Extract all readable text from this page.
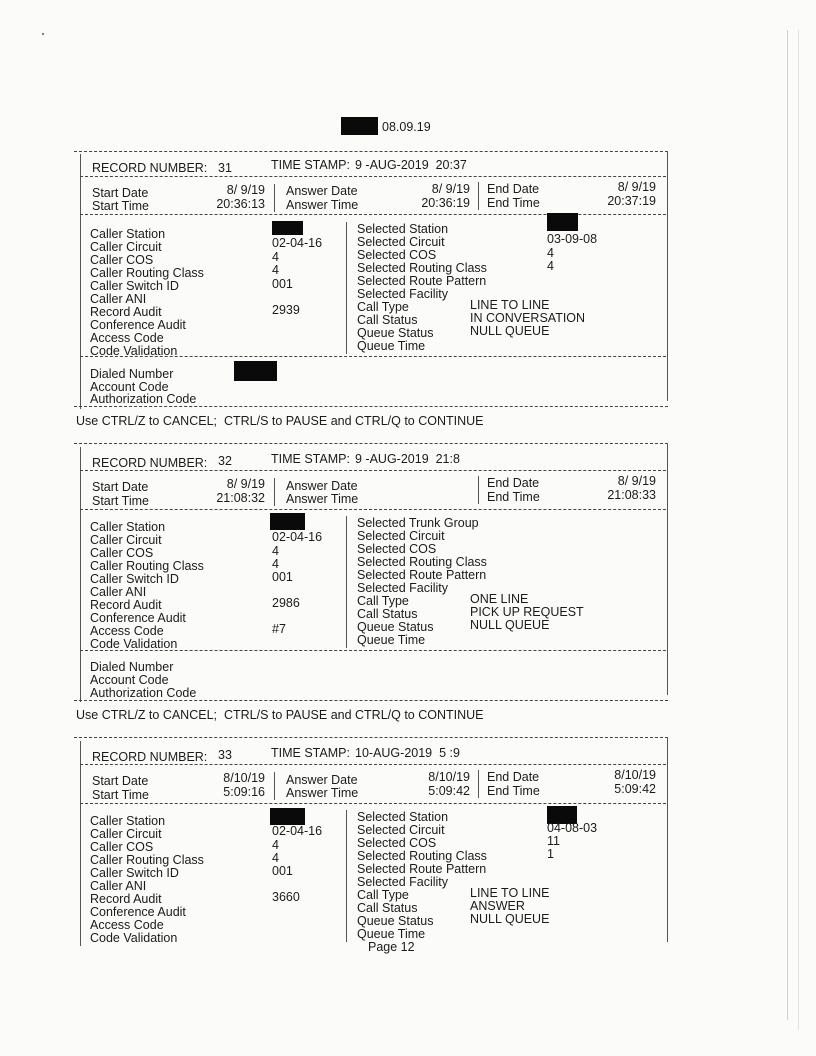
08.09.19
RECORD NUMBER: 31	TIME STAMP: 9 -AUG-2019  20:37
Start Date	8/ 9/19
Start Time	20:36:13
Answer Date	8/ 9/19
Answer Time	20:36:19
End Date	8/ 9/19
End Time	20:37:19
Caller Station
Caller Circuit	02-04-16
Caller COS	4
Caller Routing Class	4
Caller Switch ID	001
Caller ANI
Record Audit	2939
Conference Audit
Access Code
Code Validation
Selected Station
Selected Circuit	03-09-08
Selected COS	4
Selected Routing Class	4
Selected Route Pattern
Selected Facility
Call Type	LINE TO LINE
Call Status	IN CONVERSATION
Queue Status	NULL QUEUE
Queue Time
Dialed Number
Account Code
Authorization Code
Use CTRL/Z to CANCEL;  CTRL/S to PAUSE and CTRL/Q to CONTINUE
RECORD NUMBER: 32	TIME STAMP: 9 -AUG-2019  21:8
Start Date	8/ 9/19
Start Time	21:08:32
Answer Date
Answer Time
End Date	8/ 9/19
End Time	21:08:33
Caller Station
Caller Circuit	02-04-16
Caller COS	4
Caller Routing Class	4
Caller Switch ID	001
Caller ANI
Record Audit	2986
Conference Audit
Access Code	#7
Code Validation
Selected Trunk Group
Selected Circuit
Selected COS
Selected Routing Class
Selected Route Pattern
Selected Facility
Call Type	ONE LINE
Call Status	PICK UP REQUEST
Queue Status	NULL QUEUE
Queue Time
Dialed Number
Account Code
Authorization Code
Use CTRL/Z to CANCEL;  CTRL/S to PAUSE and CTRL/Q to CONTINUE
RECORD NUMBER: 33	TIME STAMP: 10-AUG-2019  5 :9
Start Date	8/10/19
Start Time	5:09:16
Answer Date	8/10/19
Answer Time	5:09:42
End Date	8/10/19
End Time	5:09:42
Caller Station
Caller Circuit	02-04-16
Caller COS	4
Caller Routing Class	4
Caller Switch ID	001
Caller ANI
Record Audit	3660
Conference Audit
Access Code
Code Validation
Selected Station
Selected Circuit	04-08-03
Selected COS	11
Selected Routing Class	1
Selected Route Pattern
Selected Facility
Call Type	LINE TO LINE
Call Status	ANSWER
Queue Status	NULL QUEUE
Queue Time
Page 12
